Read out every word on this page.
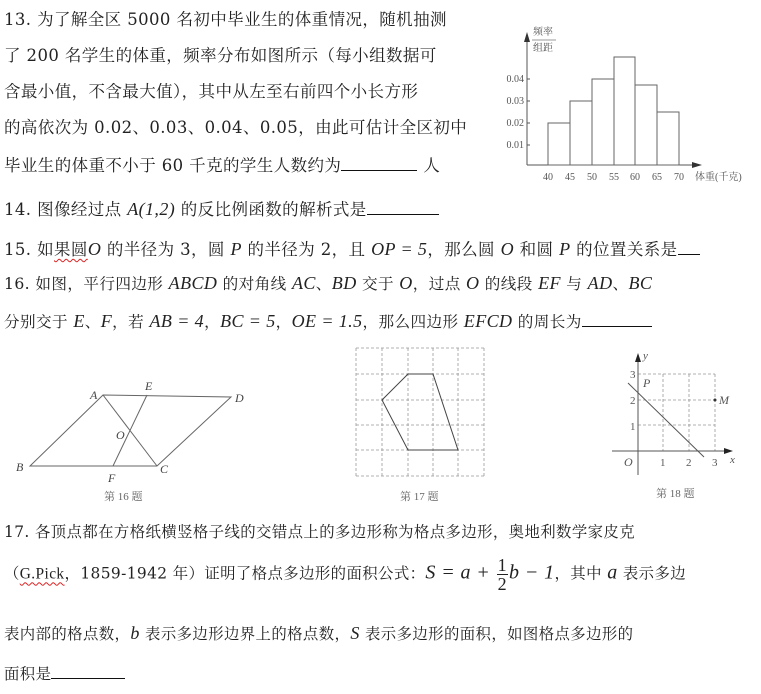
13. 为了解全区 5000 名初中毕业生的体重情况，随机抽测
了 200 名学生的体重，频率分布如图所示（每小组数据可
含最小值，不含最大值），其中从左至右前四个小长方形
的高依次为 0.02、0.03、0.04、0.05，由此可估计全区初中
毕业生的体重不小于 60 千克的学生人数约为	人
0.01
0.02
0.03
0.04
40 45 50 55 60 65 70 体重(千克)
频率
组距
14. 图像经过点 A(1,2) 的反比例函数的解析式是
15. 如果圆O 的半径为 3，圆 P 的半径为 2，且 OP = 5，那么圆 O 和圆 P 的位置关系是
16. 如图，平行四边形 ABCD 的对角线 AC、BD 交于 O，过点 O 的线段 EF 与 AD、BC
分别交于 E、F，若 AB = 4，BC = 5，OE = 1.5，那么四边形 EFCD 的周长为
A
E
D
O
B	C
F
第 16 题	第 17 题
y
3
2
1
P
M
O 1 2 3 x
第 18 题
17. 各顶点都在方格纸横竖格子线的交错点上的多边形称为格点多边形，奥地利数学家皮克
（G.Pick，1859-1942 年）证明了格点多边形的面积公式：$S = a + \frac{1}{2}$ b − 1，其中 a 表示多边
表内部的格点数，b 表示多边形边界上的格点数，S 表示多边形的面积，如图格点多边形的
面积是
